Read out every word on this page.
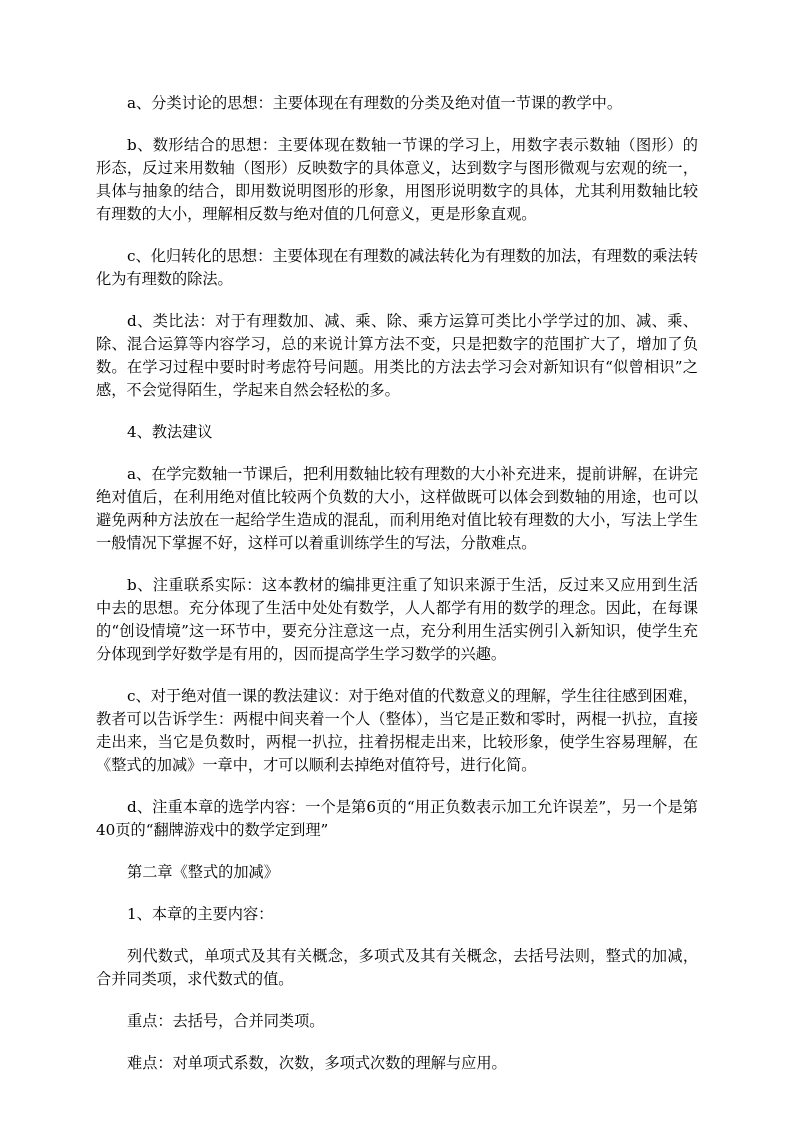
a、分类讨论的思想：主要体现在有理数的分类及绝对值一节课的教学中。

b、数形结合的思想：主要体现在数轴一节课的学习上，用数字表示数轴（图形）的形态，反过来用数轴（图形）反映数字的具体意义，达到数字与图形微观与宏观的统一，具体与抽象的结合，即用数说明图形的形象，用图形说明数字的具体，尤其利用数轴比较有理数的大小，理解相反数与绝对值的几何意义，更是形象直观。

c、化归转化的思想：主要体现在有理数的减法转化为有理数的加法，有理数的乘法转化为有理数的除法。

d、类比法：对于有理数加、减、乘、除、乘方运算可类比小学学过的加、减、乘、除、混合运算等内容学习，总的来说计算方法不变，只是把数字的范围扩大了，增加了负数。在学习过程中要时时考虑符号问题。用类比的方法去学习会对新知识有“似曾相识”之感，不会觉得陌生，学起来自然会轻松的多。

4、教法建议

a、在学完数轴一节课后，把利用数轴比较有理数的大小补充进来，提前讲解，在讲完绝对值后，在利用绝对值比较两个负数的大小，这样做既可以体会到数轴的用途，也可以避免两种方法放在一起给学生造成的混乱，而利用绝对值比较有理数的大小，写法上学生一般情况下掌握不好，这样可以着重训练学生的写法，分散难点。

b、注重联系实际：这本教材的编排更注重了知识来源于生活，反过来又应用到生活中去的思想。充分体现了生活中处处有数学，人人都学有用的数学的理念。因此，在每课的“创设情境”这一环节中，要充分注意这一点，充分利用生活实例引入新知识，使学生充分体现到学好数学是有用的，因而提高学生学习数学的兴趣。

c、对于绝对值一课的教法建议：对于绝对值的代数意义的理解，学生往往感到困难，教者可以告诉学生：两棍中间夹着一个人（整体），当它是正数和零时，两棍一扒拉，直接走出来，当它是负数时，两棍一扒拉，拄着拐棍走出来，比较形象，使学生容易理解，在《整式的加减》一章中，才可以顺利去掉绝对值符号，进行化简。

d、注重本章的选学内容：一个是第6页的“用正负数表示加工允许误差”，另一个是第40页的“翻牌游戏中的数学定到理”

第二章《整式的加减》

1、本章的主要内容：

列代数式，单项式及其有关概念，多项式及其有关概念，去括号法则，整式的加减，合并同类项，求代数式的值。

重点：去括号，合并同类项。

难点：对单项式系数，次数，多项式次数的理解与应用。
